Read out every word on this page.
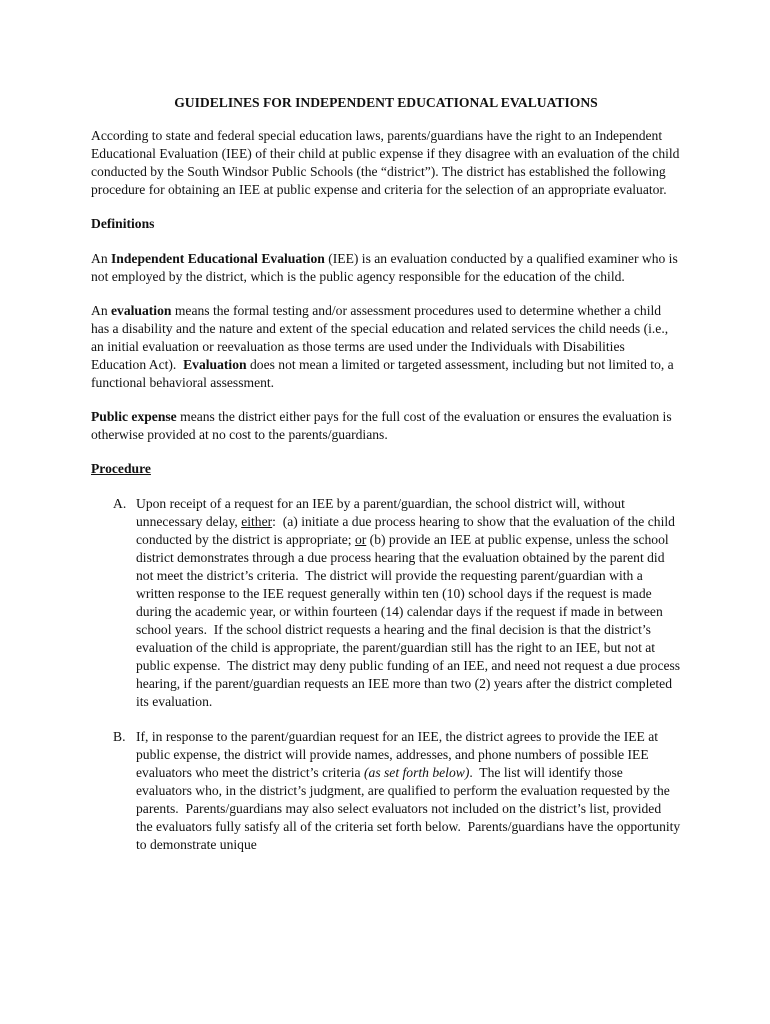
GUIDELINES FOR INDEPENDENT EDUCATIONAL EVALUATIONS

According to state and federal special education laws, parents/guardians have the right to an Independent Educational Evaluation (IEE) of their child at public expense if they disagree with an evaluation of the child conducted by the South Windsor Public Schools (the “district”). The district has established the following procedure for obtaining an IEE at public expense and criteria for the selection of an appropriate evaluator.

Definitions

An Independent Educational Evaluation (IEE) is an evaluation conducted by a qualified examiner who is not employed by the district, which is the public agency responsible for the education of the child.

An evaluation means the formal testing and/or assessment procedures used to determine whether a child has a disability and the nature and extent of the special education and related services the child needs (i.e., an initial evaluation or reevaluation as those terms are used under the Individuals with Disabilities Education Act).  Evaluation does not mean a limited or targeted assessment, including but not limited to, a functional behavioral assessment.

Public expense means the district either pays for the full cost of the evaluation or ensures the evaluation is otherwise provided at no cost to the parents/guardians.

Procedure

A. Upon receipt of a request for an IEE by a parent/guardian, the school district will, without unnecessary delay, either:  (a) initiate a due process hearing to show that the evaluation of the child conducted by the district is appropriate; or (b) provide an IEE at public expense, unless the school district demonstrates through a due process hearing that the evaluation obtained by the parent did not meet the district’s criteria.  The district will provide the requesting parent/guardian with a written response to the IEE request generally within ten (10) school days if the request is made during the academic year, or within fourteen (14) calendar days if the request if made in between school years.  If the school district requests a hearing and the final decision is that the district’s evaluation of the child is appropriate, the parent/guardian still has the right to an IEE, but not at public expense.  The district may deny public funding of an IEE, and need not request a due process hearing, if the parent/guardian requests an IEE more than two (2) years after the district completed its evaluation.
B. If, in response to the parent/guardian request for an IEE, the district agrees to provide the IEE at public expense, the district will provide names, addresses, and phone numbers of possible IEE evaluators who meet the district’s criteria (as set forth below).  The list will identify those evaluators who, in the district’s judgment, are qualified to perform the evaluation requested by the parents.  Parents/guardians may also select evaluators not included on the district’s list, provided the evaluators fully satisfy all of the criteria set forth below.  Parents/guardians have the opportunity to demonstrate unique
